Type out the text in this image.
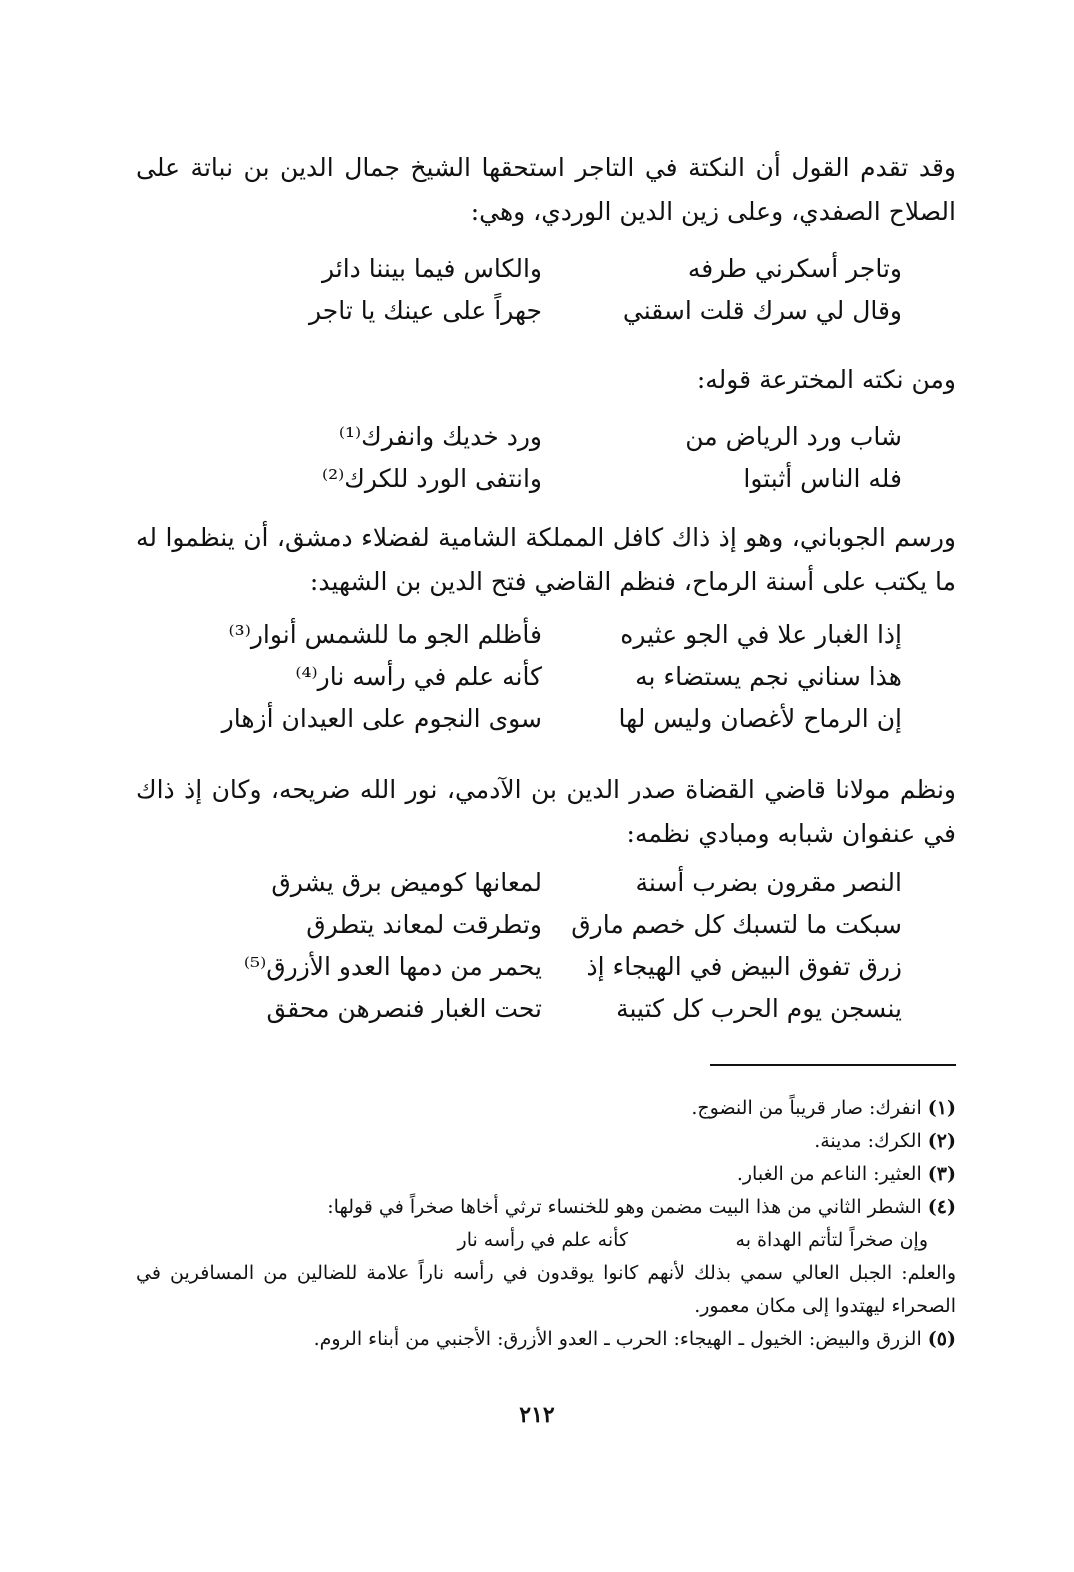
وقد تقدم القول أن النكتة في التاجر استحقها الشيخ جمال الدين بن نباتة على الصلاح الصفدي، وعلى زين الدين الوردي، وهي:

وتاجر أسكرني طرفه
والكاس فيما بيننا دائر
وقال لي سرك قلت اسقني
جهراً على عينك يا تاجر

ومن نكته المخترعة قوله:

شاب ورد الرياض من
ورد خديك وانفرك⁽¹⁾
فله الناس أثبتوا
وانتفى الورد للكرك⁽²⁾

ورسم الجوباني، وهو إذ ذاك كافل المملكة الشامية لفضلاء دمشق، أن ينظموا له ما يكتب على أسنة الرماح، فنظم القاضي فتح الدين بن الشهيد:

إذا الغبار علا في الجو عثيره
فأظلم الجو ما للشمس أنوار⁽³⁾
هذا سناني نجم يستضاء به
كأنه علم في رأسه نار⁽⁴⁾
إن الرماح لأغصان وليس لها
سوى النجوم على العيدان أزهار

ونظم مولانا قاضي القضاة صدر الدين بن الآدمي، نور الله ضريحه، وكان إذ ذاك في عنفوان شبابه ومبادي نظمه:

النصر مقرون بضرب أسنة
لمعانها كوميض برق يشرق
سبكت ما لتسبك كل خصم مارق
وتطرقت لمعاند يتطرق
زرق تفوق البيض في الهيجاء إذ
يحمر من دمها العدو الأزرق⁽⁵⁾
ينسجن يوم الحرب كل كتيبة
تحت الغبار فنصرهن محقق
(١) انفرك: صار قريباً من النضوج.
(٢) الكرك: مدينة.
(٣) العثير: الناعم من الغبار.
(٤) الشطر الثاني من هذا البيت مضمن وهو للخنساء ترثي أخاها صخراً في قولها:
وإن صخراً لتأتم الهداة به
كأنه علم في رأسه نار
والعلم: الجبل العالي سمي بذلك لأنهم كانوا يوقدون في رأسه ناراً علامة للضالين من المسافرين في الصحراء ليهتدوا إلى مكان معمور.
(٥) الزرق والبيض: الخيول ـ الهيجاء: الحرب ـ العدو الأزرق: الأجنبي من أبناء الروم.
٢١٢
